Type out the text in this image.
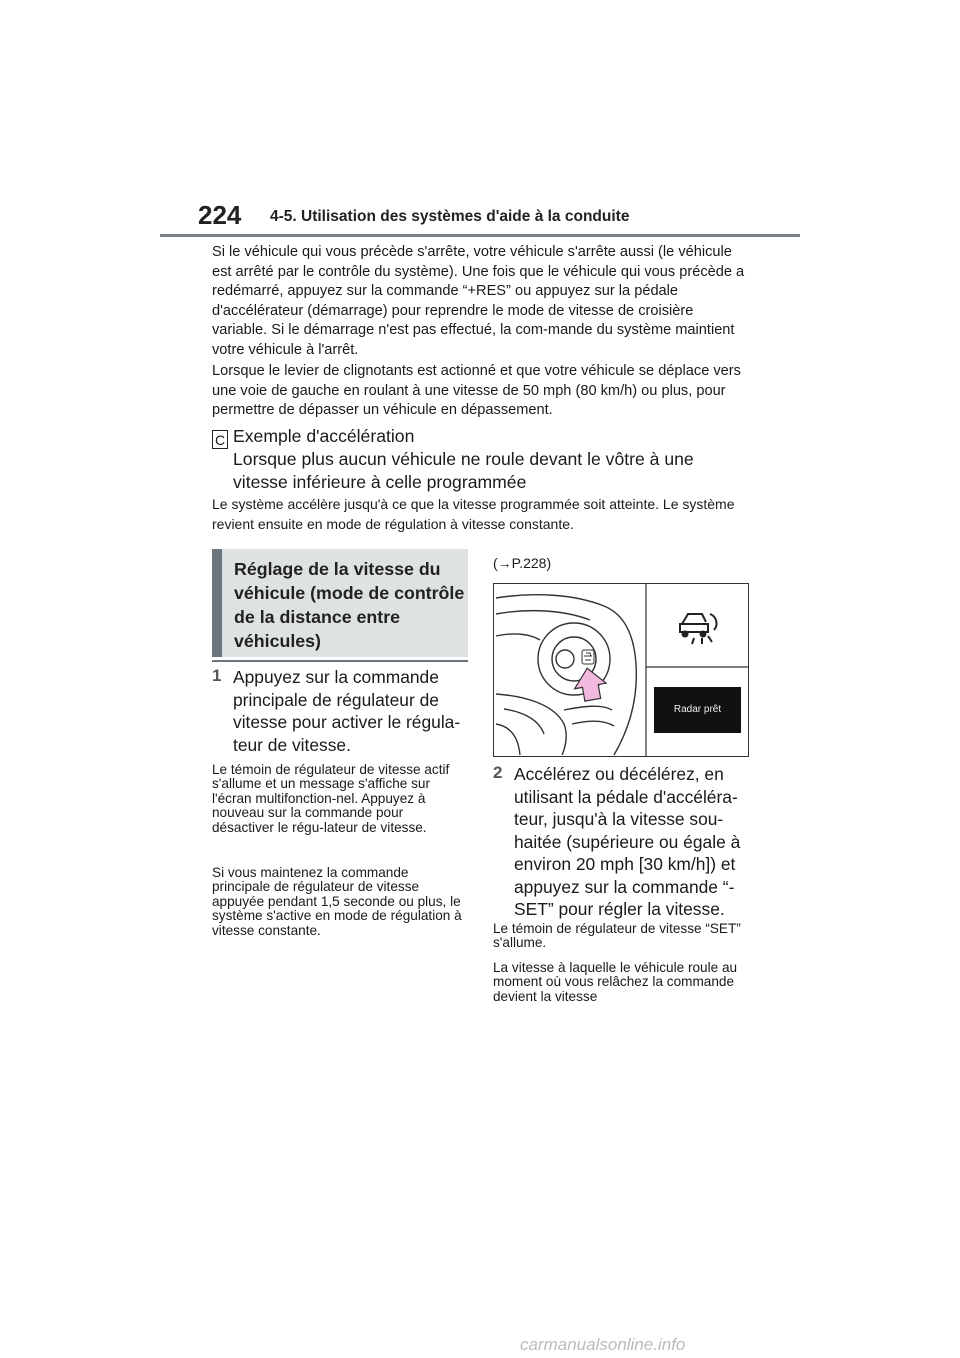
224 4-5. Utilisation des systèmes d'aide à la conduite

Si le véhicule qui vous précède s'arrête, votre véhicule s'arrête aussi (le véhicule est arrêté par le contrôle du système). Une fois que le véhicule qui vous précède a redémarré, appuyez sur la commande “+RES” ou appuyez sur la pédale d'accélérateur (démarrage) pour reprendre le mode de vitesse de croisière variable. Si le démarrage n'est pas effectué, la com-mande du système maintient votre véhicule à l'arrêt.

Lorsque le levier de clignotants est actionné et que votre véhicule se déplace vers une voie de gauche en roulant à une vitesse de 50 mph (80 km/h) ou plus, pour permettre de dépasser un véhicule en dépassement.

C Exemple d'accélération

Lorsque plus aucun véhicule ne roule devant le vôtre à une vitesse inférieure à celle programmée

Le système accélère jusqu'à ce que la vitesse programmée soit atteinte. Le système revient ensuite en mode de régulation à vitesse constante.

Réglage de la vitesse du véhicule (mode de contrôle de la distance entre véhicules)
1 Appuyez sur la commande principale de régulateur de vitesse pour activer le régula-teur de vitesse.

Le témoin de régulateur de vitesse actif s'allume et un message s'affiche sur l'écran multifonction-nel. Appuyez à nouveau sur la commande pour désactiver le régu-lateur de vitesse.

Si vous maintenez la commande principale de régulateur de vitesse appuyée pendant 1,5 seconde ou plus, le système s'active en mode de régulation à vitesse constante.

(→P.228)
Radar prêt
2 Accélérez ou décélérez, en utilisant la pédale d'accéléra-teur, jusqu'à la vitesse sou-haitée (supérieure ou égale à environ 20 mph [30 km/h]) et appuyez sur la commande “-SET” pour régler la vitesse.

Le témoin de régulateur de vitesse “SET” s'allume.

La vitesse à laquelle le véhicule roule au moment où vous relâchez la commande devient la vitesse

carmanualsonline.info
